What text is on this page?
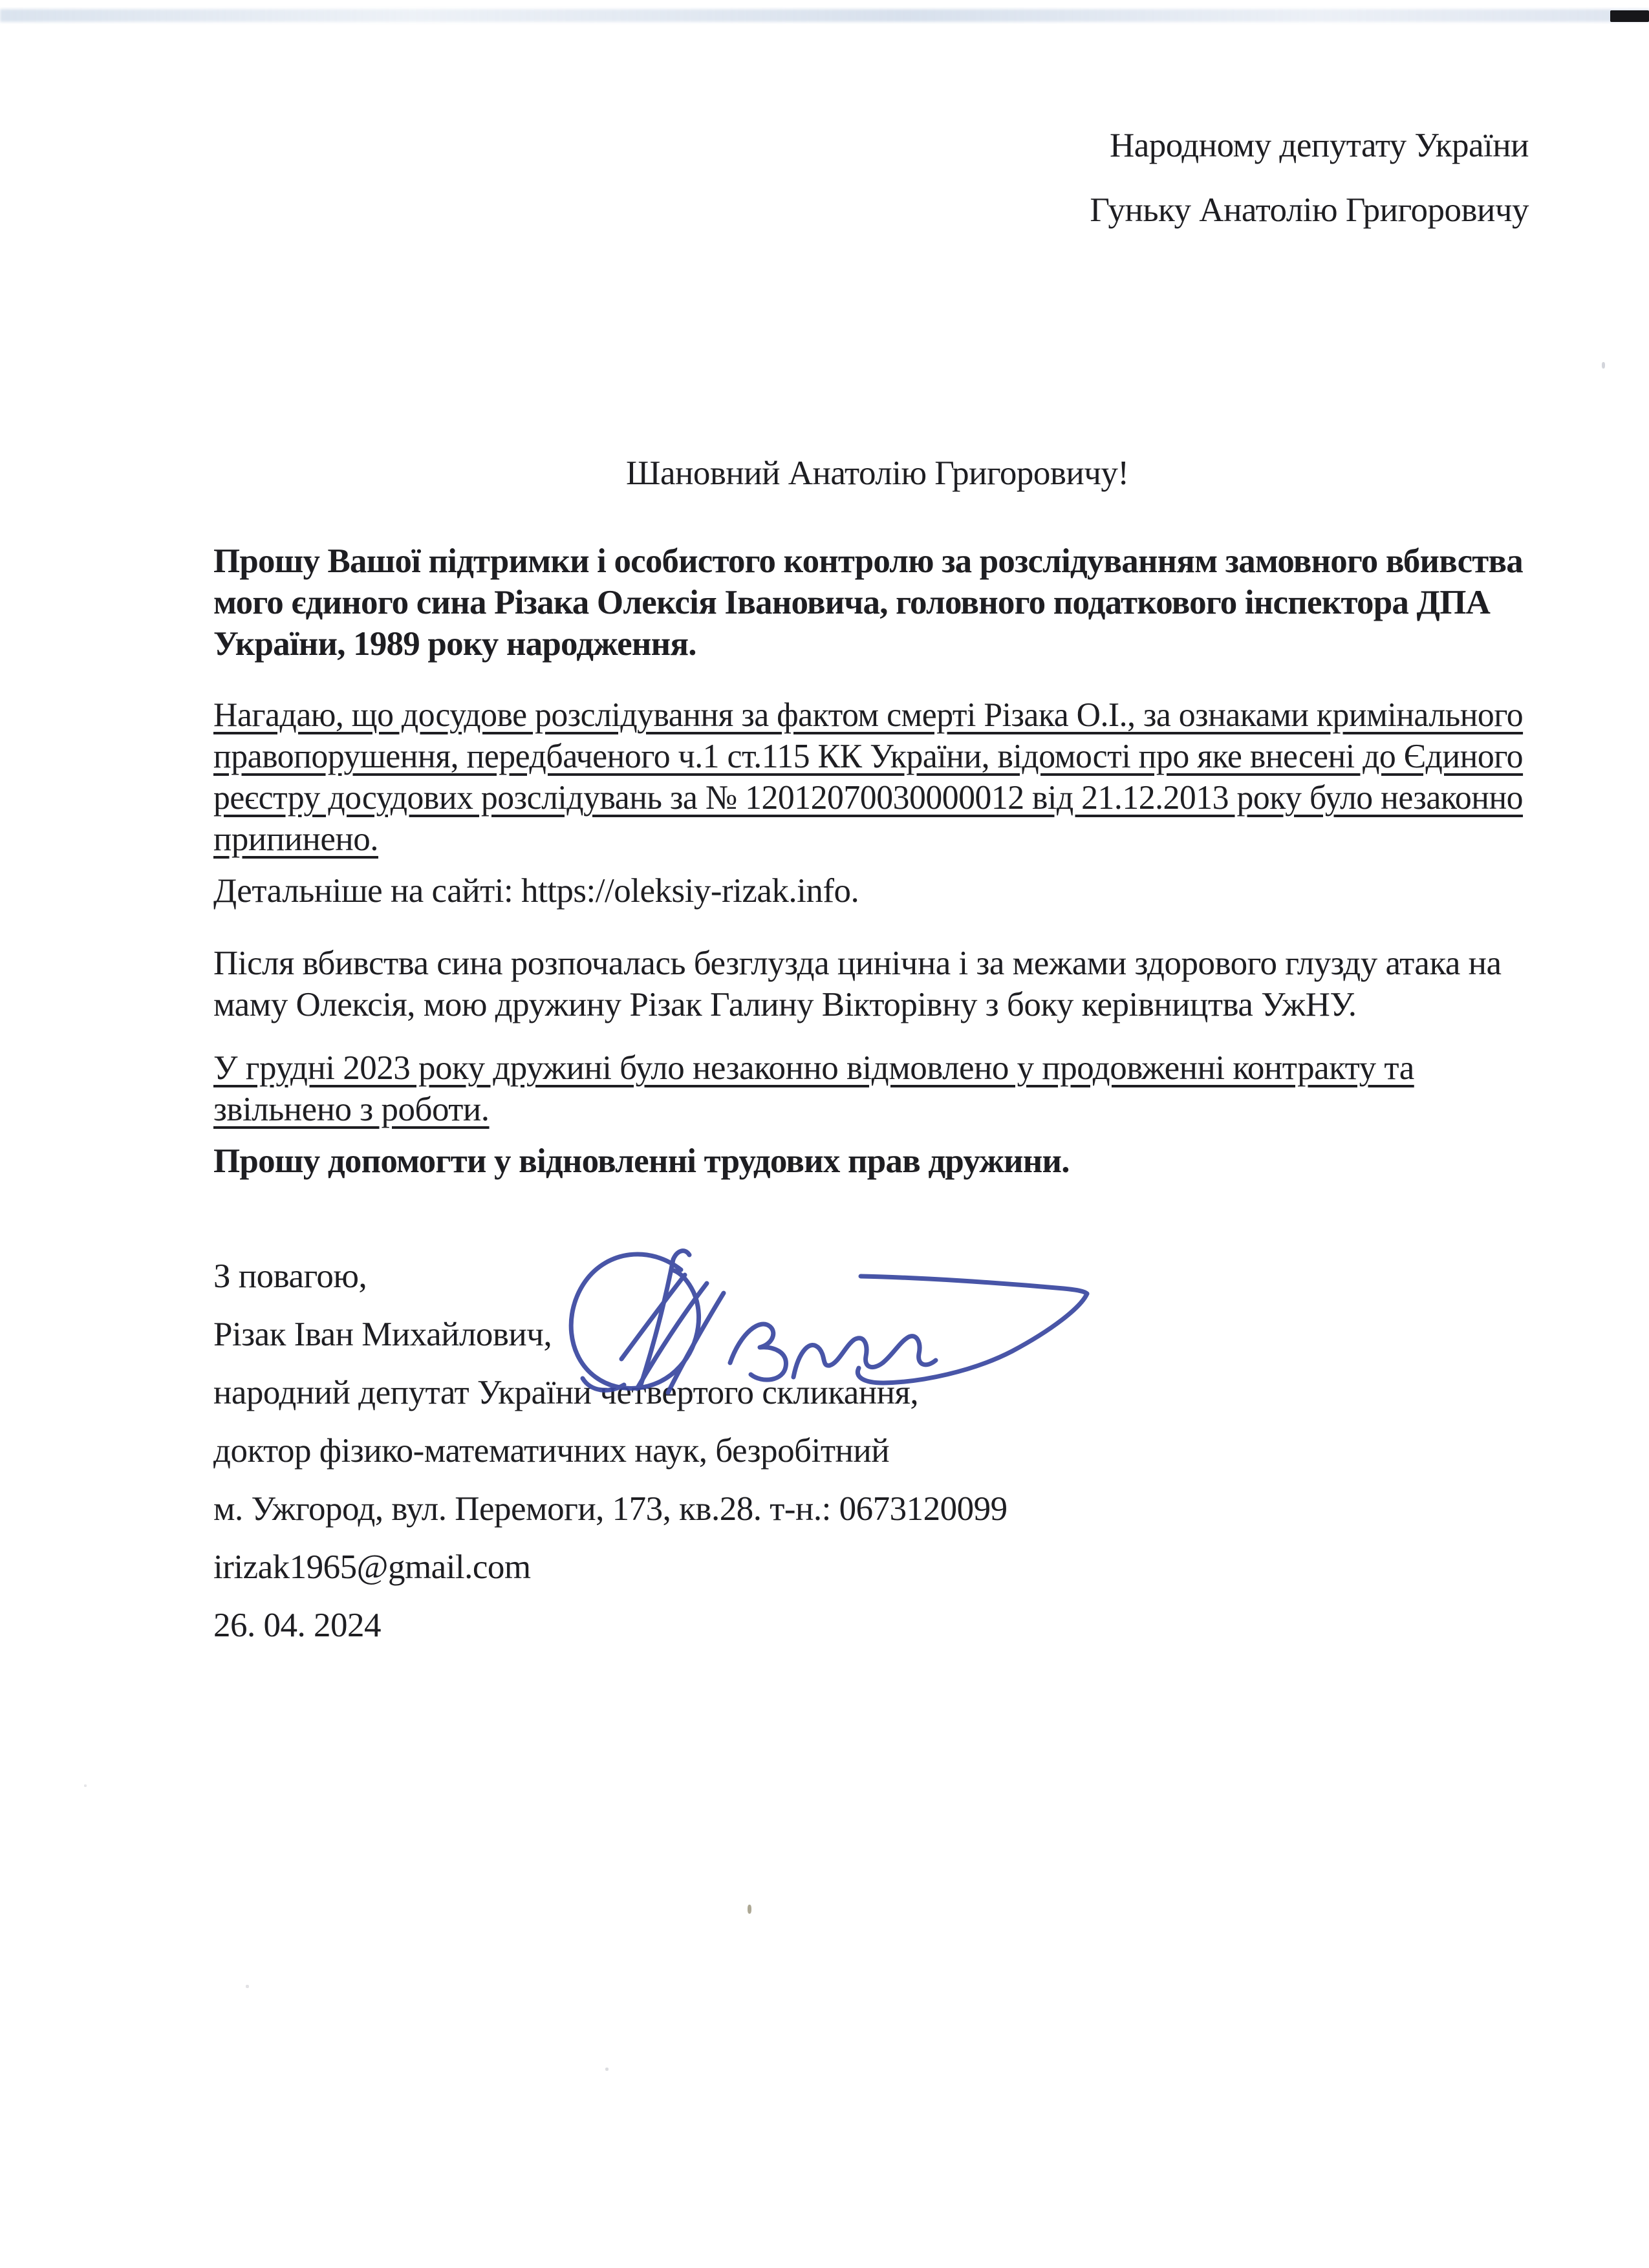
Народному депутату України
Гуньку Анатолію Григоровичу
Шановний Анатолію Григоровичу!
Прошу Вашої підтримки і особистого контролю за розслідуванням замовного вбивства
мого єдиного сина Різака Олексія Івановича, головного податкового інспектора ДПА
України, 1989 року народження.
Нагадаю, що досудове розслідування за фактом смерті Різака О.І., за ознаками кримінального
правопорушення, передбаченого ч.1 ст.115 КК України, відомості про яке внесені до Єдиного
реєстру досудових розслідувань за № 12012070030000012 від 21.12.2013 року було незаконно
припинено.
Детальніше на сайті: https://oleksiy-rizak.info.
Після вбивства сина розпочалась безглузда цинічна і за межами здорового глузду атака на
маму Олексія, мою дружину Різак Галину Вікторівну з боку керівництва УжНУ.
У грудні 2023 року дружині було незаконно відмовлено у продовженні контракту та
звільнено з роботи.
Прошу допомогти у відновленні трудових прав дружини.
З повагою,
Різак Іван Михайлович,
народний депутат України четвертого скликання,
доктор фізико-математичних наук, безробітний
м. Ужгород, вул. Перемоги, 173, кв.28. т-н.: 0673120099
irizak1965@gmail.com
26. 04. 2024
